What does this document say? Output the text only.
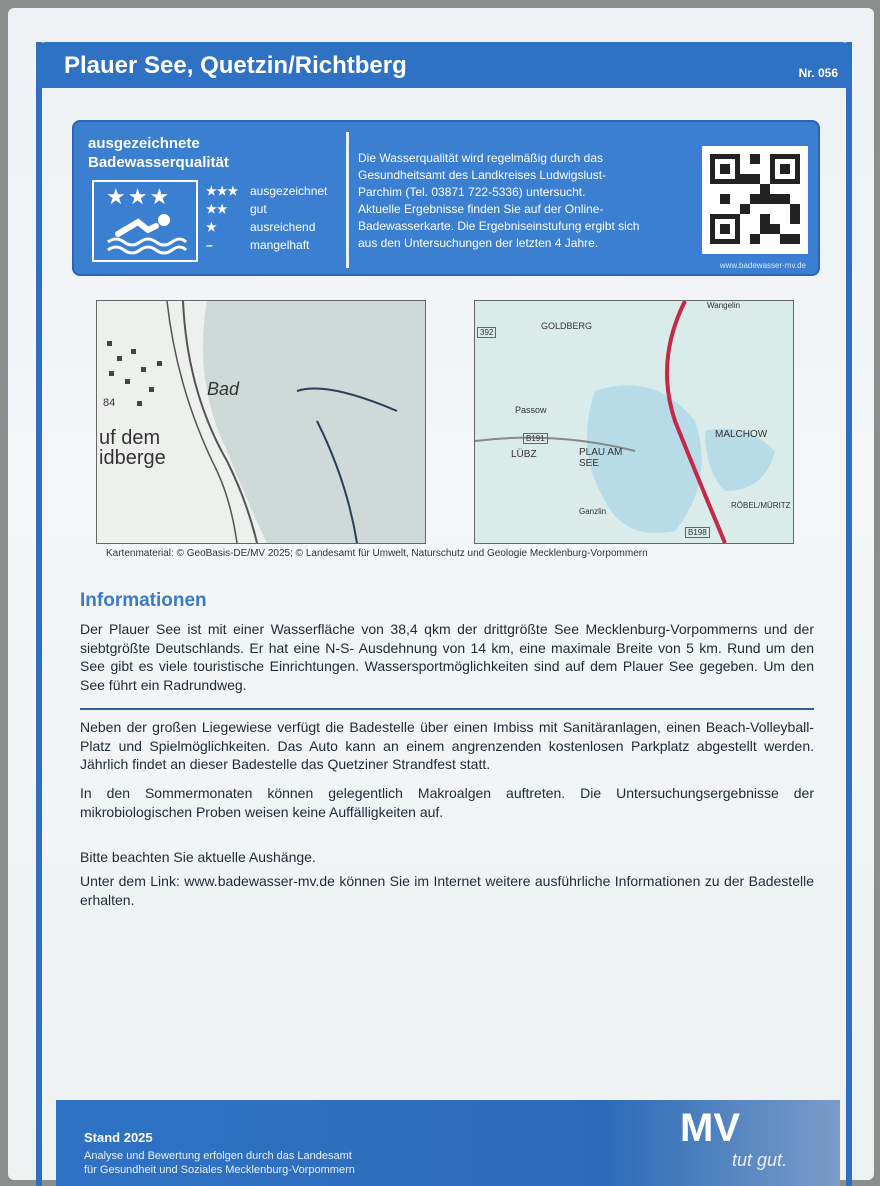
Plauer See, Quetzin/Richtberg	Nr. 056
ausgezeichnete
Badewasserqualität
★★★	★★★ ausgezeichnet
★★	gut
★	ausreichend
–	mangelhaft
Die Wasserqualität wird regelmäßig durch das
Gesundheitsamt des Landkreises Ludwigslust-
Parchim (Tel. 03871 722-5336) untersucht.
Aktuelle Ergebnisse finden Sie auf der Online-
Badewasserkarte. Die Ergebniseinstufung ergibt sich
aus den Untersuchungen der letzten 4 Jahre.
www.badewasser-mv.de
Bad
84
uf dem
idberge
GOLDBERG
Passow
LÜBZ	PLAU AM SEE
MALCHOW
RÖBEL/MÜRITZ
B191
B198
392
Wangelin
Ganzlin
Kartenmaterial: © GeoBasis-DE/MV 2025; © Landesamt für Umwelt, Naturschutz und Geologie Mecklenburg-Vorpommern
Informationen
Der Plauer See ist mit einer Wasserfläche von 38,4 qkm der drittgrößte See Mecklenburg-Vorpommerns und der siebtgrößte Deutschlands. Er hat eine N-S- Ausdehnung von 14 km, eine maximale Breite von 5 km. Rund um den See gibt es viele touristische Einrichtungen. Wassersportmöglichkeiten sind auf dem Plauer See gegeben. Um den See führt ein Radrundweg.
Neben der großen Liegewiese verfügt die Badestelle über einen Imbiss mit Sanitäranlagen, einen Beach-Volleyball-Platz und Spielmöglichkeiten. Das Auto kann an einem angrenzenden kostenlosen Parkplatz abgestellt werden. Jährlich findet an dieser Badestelle das Quetziner Strandfest statt.
In den Sommermonaten können gelegentlich Makroalgen auftreten. Die Untersuchungsergebnisse der mikrobiologischen Proben weisen keine Auffälligkeiten auf.
Bitte beachten Sie aktuelle Aushänge.
Unter dem Link: www.badewasser-mv.de können Sie im Internet weitere ausführliche Informationen zu der Badestelle erhalten.
Stand 2025
Analyse und Bewertung erfolgen durch das Landesamt
für Gesundheit und Soziales Mecklenburg-Vorpommern
MV
tut gut.
